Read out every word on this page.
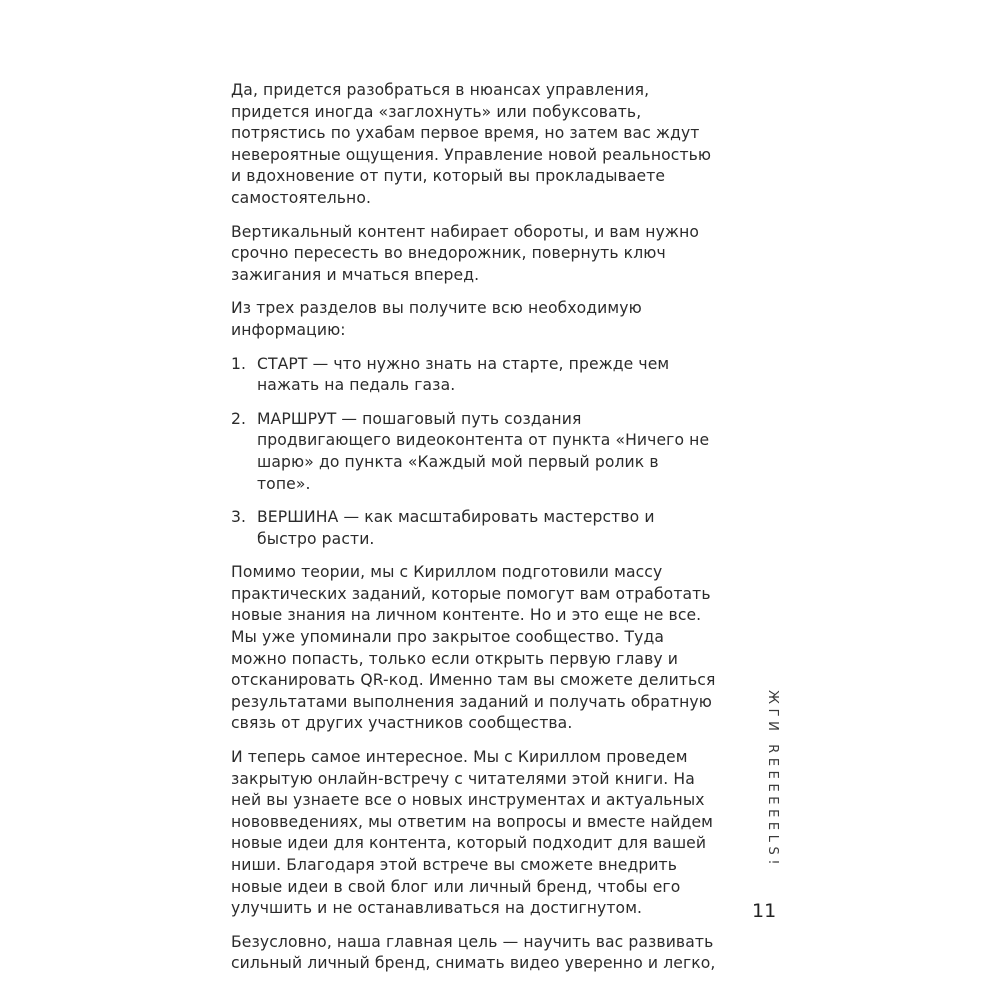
Да, придется разобраться в нюансах управления, придется иногда «заглохнуть» или побуксовать, потрястись по ухабам первое время, но затем вас ждут невероятные ощущения. Управление новой реальностью и вдохновение от пути, который вы прокладываете самостоятельно.

Вертикальный контент набирает обороты, и вам нужно срочно пересесть во внедорожник, повернуть ключ зажигания и мчаться вперед.

Из трех разделов вы получите всю необходимую информацию:

1. СТАРТ — что нужно знать на старте, прежде чем нажать на педаль газа.
2. МАРШРУТ — пошаговый путь создания продвигающего видеоконтента от пункта «Ничего не шарю» до пункта «Каждый мой первый ролик в топе».
3. ВЕРШИНА — как масштабировать мастерство и быстро расти.

Помимо теории, мы с Кириллом подготовили массу практических заданий, которые помогут вам отработать новые знания на личном контенте. Но и это еще не все. Мы уже упоминали про закрытое сообщество. Туда можно попасть, только если открыть первую главу и отсканировать QR-код. Именно там вы сможете делиться результатами выполнения заданий и получать обратную связь от других участников сообщества.

И теперь самое интересное. Мы с Кириллом проведем закрытую онлайн-встречу с читателями этой книги. На ней вы узнаете все о новых инструментах и актуальных нововведениях, мы ответим на вопросы и вместе найдем новые идеи для контента, который подходит для вашей ниши. Благодаря этой встрече вы сможете внедрить новые идеи в свой блог или личный бренд, чтобы его улучшить и не останавливаться на достигнутом.

Безусловно, наша главная цель — научить вас развивать сильный личный бренд, снимать видео уверенно и легко,

ЖГИ REEEEEELS!
11
